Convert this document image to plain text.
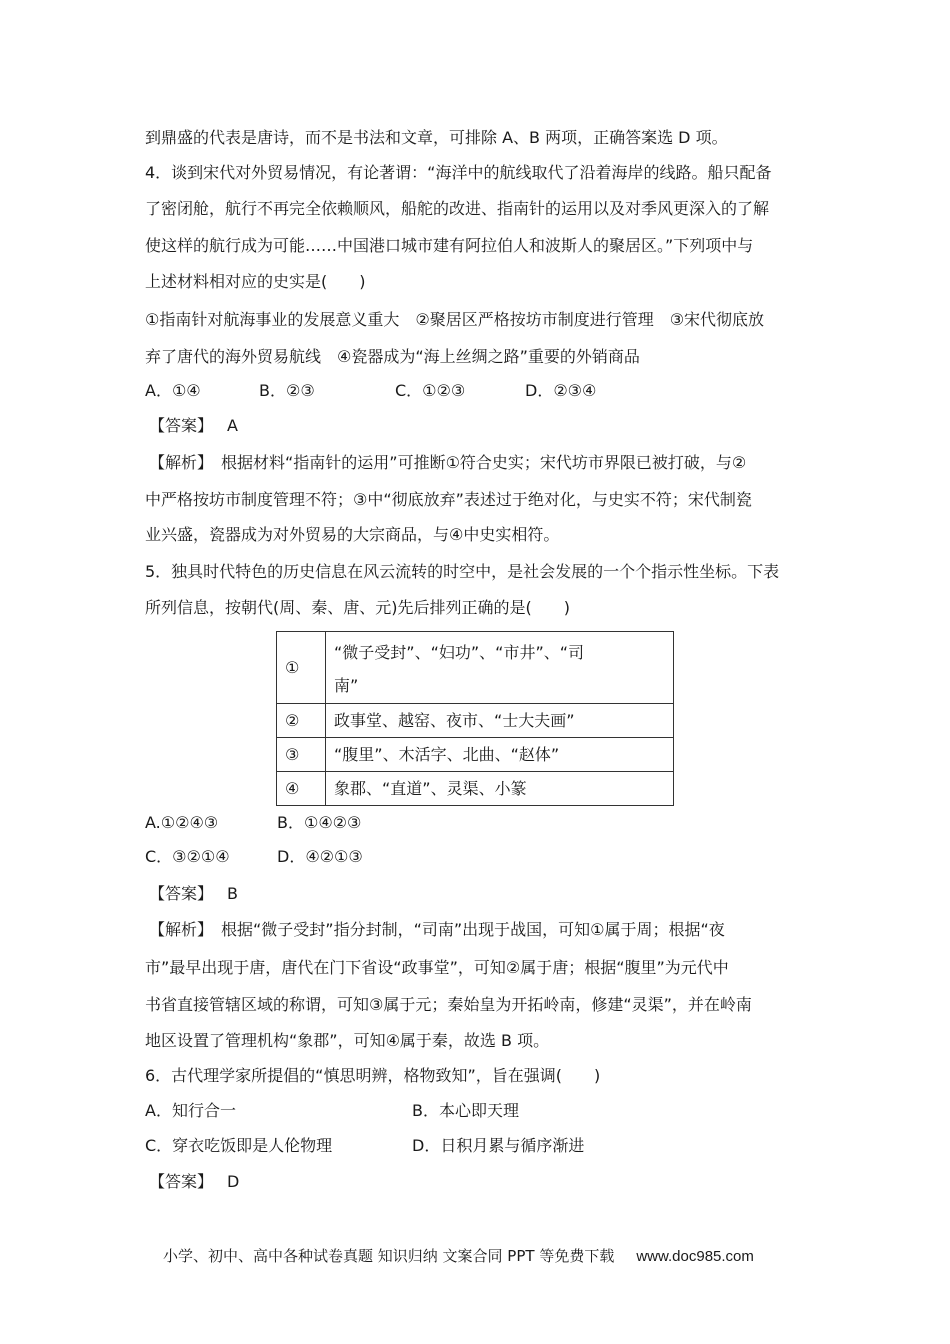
到鼎盛的代表是唐诗，而不是书法和文章，可排除 A、B 两项，正确答案选 D 项。
4．谈到宋代对外贸易情况，有论著谓：“海洋中的航线取代了沿着海岸的线路。船只配备
了密闭舱，航行不再完全依赖顺风，船舵的改进、指南针的运用以及对季风更深入的了解
使这样的航行成为可能……中国港口城市建有阿拉伯人和波斯人的聚居区。”下列项中与
上述材料相对应的史实是(　　)
①指南针对航海事业的发展意义重大　②聚居区严格按坊市制度进行管理　③宋代彻底放
弃了唐代的海外贸易航线　④瓷器成为“海上丝绸之路”重要的外销商品
A．①④	B．②③	C．①②③	D．②③④
【答案】 A
【解析】　根据材料“指南针的运用”可推断①符合史实；宋代坊市界限已被打破，与②
中严格按坊市制度管理不符；③中“彻底放弃”表述过于绝对化，与史实不符；宋代制瓷
业兴盛，瓷器成为对外贸易的大宗商品，与④中史实相符。
5．独具时代特色的历史信息在风云流转的时空中，是社会发展的一个个指示性坐标。下表
所列信息，按朝代(周、秦、唐、元)先后排列正确的是(　　)
①	“微子受封”、“妇功”、“市井”、“司
南”

②	政事堂、越窑、夜市、“士大夫画”
③	“腹里”、木活字、北曲、“赵体”
④	象郡、“直道”、灵渠、小篆
A.①②④③	B．①④②③
C．③②①④	D．④②①③
【答案】 B
【解析】　根据“微子受封”指分封制，“司南”出现于战国，可知①属于周；根据“夜
市”最早出现于唐，唐代在门下省设“政事堂”，可知②属于唐；根据“腹里”为元代中
书省直接管辖区域的称谓，可知③属于元；秦始皇为开拓岭南，修建“灵渠”，并在岭南
地区设置了管理机构“象郡”，可知④属于秦，故选 B 项。
6．古代理学家所提倡的“慎思明辨，格物致知”，旨在强调(　　)
A．知行合一	B．本心即天理
C．穿衣吃饭即是人伦物理	D．日积月累与循序渐进
【答案】 D
小学、初中、高中各种试卷真题 知识归纳 文案合同 PPT 等免费下载 www.doc985.com
